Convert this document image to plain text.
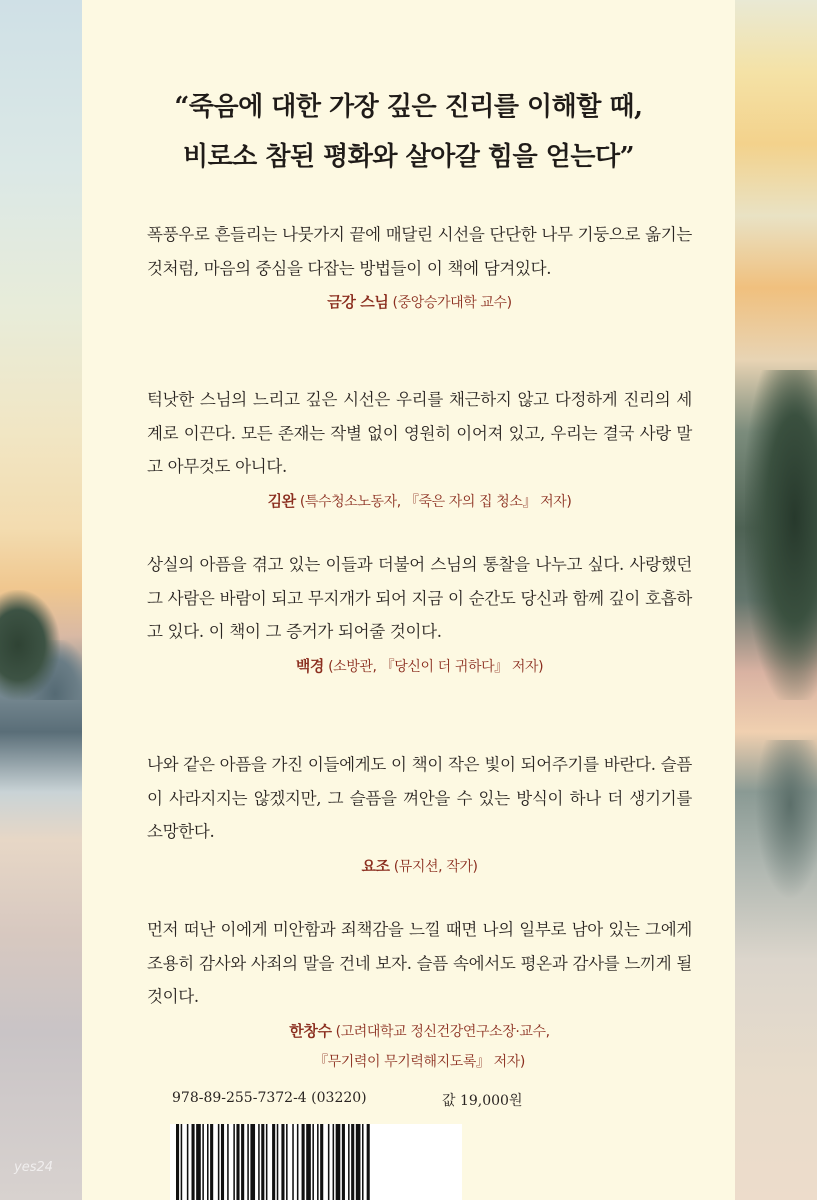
yes24
“죽음에 대한 가장 깊은 진리를 이해할 때,
비로소 참된 평화와 살아갈 힘을 얻는다”

폭풍우로 흔들리는 나뭇가지 끝에 매달린 시선을 단단한 나무 기둥으로 옮기는 것처럼, 마음의 중심을 다잡는 방법들이 이 책에 담겨있다.

금강 스님 (중앙승가대학 교수)

턱낫한 스님의 느리고 깊은 시선은 우리를 채근하지 않고 다정하게 진리의 세계로 이끈다. 모든 존재는 작별 없이 영원히 이어져 있고, 우리는 결국 사랑 말고 아무것도 아니다.

김완 (특수청소노동자, 『죽은 자의 집 청소』 저자)

상실의 아픔을 겪고 있는 이들과 더불어 스님의 통찰을 나누고 싶다. 사랑했던 그 사람은 바람이 되고 무지개가 되어 지금 이 순간도 당신과 함께 깊이 호흡하고 있다. 이 책이 그 증거가 되어줄 것이다.

백경 (소방관, 『당신이 더 귀하다』 저자)

나와 같은 아픔을 가진 이들에게도 이 책이 작은 빛이 되어주기를 바란다. 슬픔이 사라지지는 않겠지만, 그 슬픔을 껴안을 수 있는 방식이 하나 더 생기기를 소망한다.

요조 (뮤지션, 작가)

먼저 떠난 이에게 미안함과 죄책감을 느낄 때면 나의 일부로 남아 있는 그에게 조용히 감사와 사죄의 말을 건네 보자. 슬픔 속에서도 평온과 감사를 느끼게 될 것이다.

한창수 (고려대학교 정신건강연구소장·교수,
『무기력이 무기력해지도록』 저자)
978-89-255-7372-4 (03220)	값 19,000원
